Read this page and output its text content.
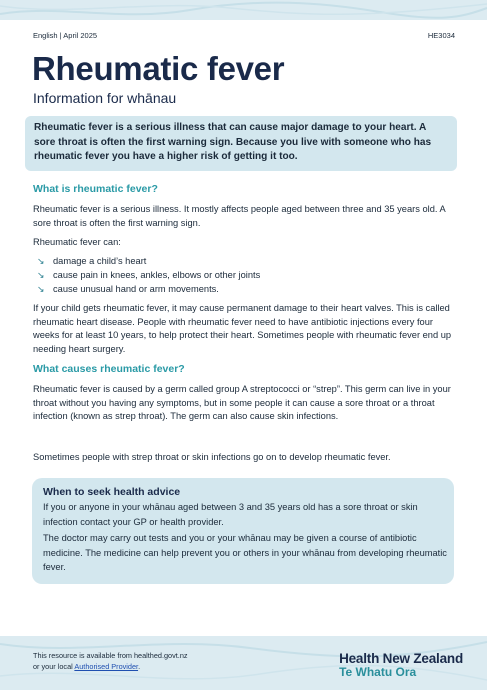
English | April 2025	HE3034
Rheumatic fever

Information for whānau

Rheumatic fever is a serious illness that can cause major damage to your heart. A sore throat is often the first warning sign. Because you live with someone who has rheumatic fever you have a higher risk of getting it too.
What is rheumatic fever?

Rheumatic fever is a serious illness. It mostly affects people aged between three and 35 years old. A sore throat is often the first warning sign.

Rheumatic fever can:

↘ damage a child’s heart
↘ cause pain in knees, ankles, elbows or other joints
↘ cause unusual hand or arm movements.

If your child gets rheumatic fever, it may cause permanent damage to their heart valves. This is called rheumatic heart disease. People with rheumatic fever need to have antibiotic injections every four weeks for at least 10 years, to help protect their heart. Sometimes people with rheumatic fever end up needing heart surgery.

What causes rheumatic fever?

Rheumatic fever is caused by a germ called group A streptococci or “strep”. This germ can live in your throat without you having any symptoms, but in some people it can cause a sore throat or a throat infection (known as strep throat). The germ can also cause skin infections.

Sometimes people with strep throat or skin infections go on to develop rheumatic fever.

When to seek health advice

If you or anyone in your whānau aged between 3 and 35 years old has a sore throat or skin infection contact your GP or health provider.

The doctor may carry out tests and you or your whānau may be given a course of antibiotic medicine. The medicine can help prevent you or others in your whānau from developing rheumatic fever.

This resource is available from healthed.govt.nz
or your local Authorised Provider.
Health New Zealand
Te Whatu Ora
